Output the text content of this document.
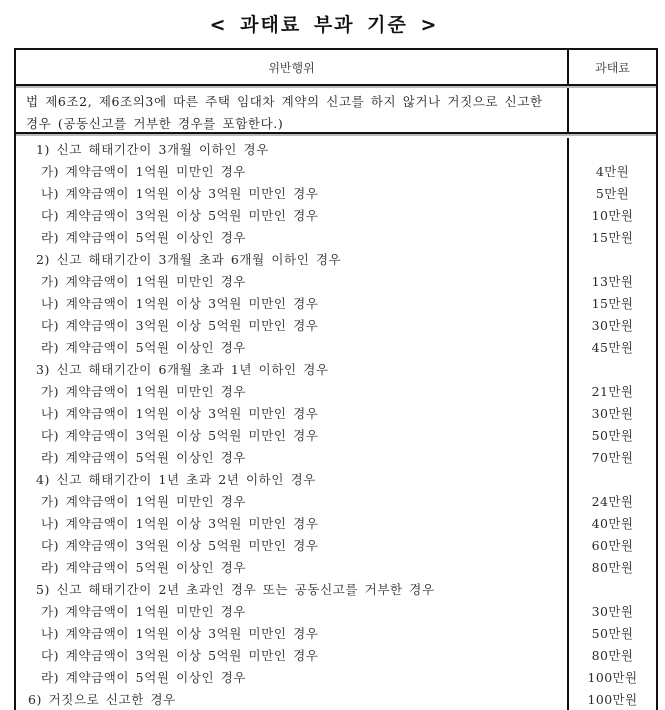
< 과태료 부과 기준 >
위반행위	과태료
법 제6조2, 제6조의3에 따른 주택 임대차 계약의 신고를 하지 않거나 거짓으로 신고한 경우 (공동신고를 거부한 경우를 포함한다.)
1) 신고 해태기간이 3개월 이하인 경우
가) 계약금액이 1억원 미만인 경우	4만원
나) 계약금액이 1억원 이상 3억원 미만인 경우	5만원
다) 계약금액이 3억원 이상 5억원 미만인 경우	10만원
라) 계약금액이 5억원 이상인 경우	15만원
2) 신고 해태기간이 3개월 초과 6개월 이하인 경우
가) 계약금액이 1억원 미만인 경우	13만원
나) 계약금액이 1억원 이상 3억원 미만인 경우	15만원
다) 계약금액이 3억원 이상 5억원 미만인 경우	30만원
라) 계약금액이 5억원 이상인 경우	45만원
3) 신고 해태기간이 6개월 초과 1년 이하인 경우
가) 계약금액이 1억원 미만인 경우	21만원
나) 계약금액이 1억원 이상 3억원 미만인 경우	30만원
다) 계약금액이 3억원 이상 5억원 미만인 경우	50만원
라) 계약금액이 5억원 이상인 경우	70만원
4) 신고 해태기간이 1년 초과 2년 이하인 경우
가) 계약금액이 1억원 미만인 경우	24만원
나) 계약금액이 1억원 이상 3억원 미만인 경우	40만원
다) 계약금액이 3억원 이상 5억원 미만인 경우	60만원
라) 계약금액이 5억원 이상인 경우	80만원
5) 신고 해태기간이 2년 초과인 경우 또는 공동신고를 거부한 경우
가) 계약금액이 1억원 미만인 경우	30만원
나) 계약금액이 1억원 이상 3억원 미만인 경우	50만원
다) 계약금액이 3억원 이상 5억원 미만인 경우	80만원
라) 계약금액이 5억원 이상인 경우	100만원
6) 거짓으로 신고한 경우	100만원
